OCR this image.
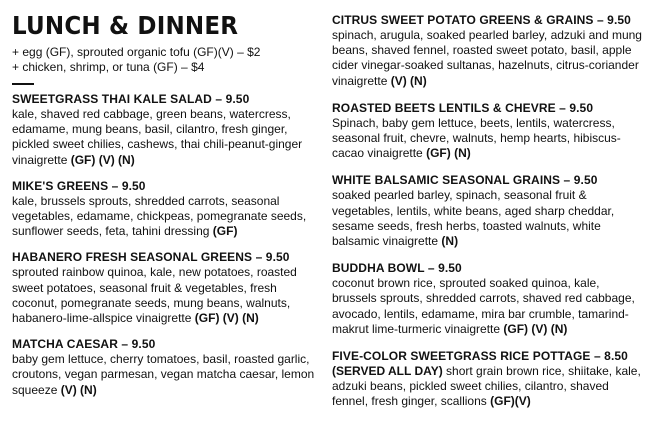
LUNCH & DINNER
+ egg (GF), sprouted organic tofu (GF)(V) – $2
+ chicken, shrimp, or tuna (GF) – $4
SWEETGRASS THAI KALE SALAD – 9.50
kale, shaved red cabbage, green beans, watercress, edamame, mung beans, basil, cilantro, fresh ginger, pickled sweet chilies, cashews, thai chili-peanut-ginger vinaigrette (GF) (V) (N)
MIKE'S GREENS – 9.50
kale, brussels sprouts, shredded carrots, seasonal vegetables, edamame, chickpeas, pomegranate seeds, sunflower seeds, feta, tahini dressing (GF)
HABANERO FRESH SEASONAL GREENS – 9.50
sprouted rainbow quinoa, kale, new potatoes, roasted sweet potatoes, seasonal fruit & vegetables, fresh coconut, pomegranate seeds, mung beans, walnuts, habanero-lime-allspice vinaigrette (GF) (V) (N)
MATCHA CAESAR – 9.50
baby gem lettuce, cherry tomatoes, basil, roasted garlic, croutons, vegan parmesan, vegan matcha caesar, lemon squeeze (V) (N)
CITRUS SWEET POTATO GREENS & GRAINS – 9.50
spinach, arugula, soaked pearled barley, adzuki and mung beans, shaved fennel, roasted sweet potato, basil, apple cider vinegar-soaked sultanas, hazelnuts, citrus-coriander vinaigrette (V) (N)
ROASTED BEETS LENTILS & CHEVRE – 9.50
Spinach, baby gem lettuce, beets, lentils, watercress, seasonal fruit, chevre, walnuts, hemp hearts, hibiscus-cacao vinaigrette (GF) (N)
WHITE BALSAMIC SEASONAL GRAINS – 9.50
soaked pearled barley, spinach, seasonal fruit & vegetables, lentils, white beans, aged sharp cheddar, sesame seeds, fresh herbs, toasted walnuts, white balsamic vinaigrette (N)
BUDDHA BOWL – 9.50
coconut brown rice, sprouted soaked quinoa, kale, brussels sprouts, shredded carrots, shaved red cabbage, avocado, lentils, edamame, mira bar crumble, tamarind-makrut lime-turmeric vinaigrette (GF) (V) (N)
FIVE-COLOR SWEETGRASS RICE POTTAGE – 8.50
(SERVED ALL DAY) short grain brown rice, shiitake, kale, adzuki beans, pickled sweet chilies, cilantro, shaved fennel, fresh ginger, scallions (GF)(V)
